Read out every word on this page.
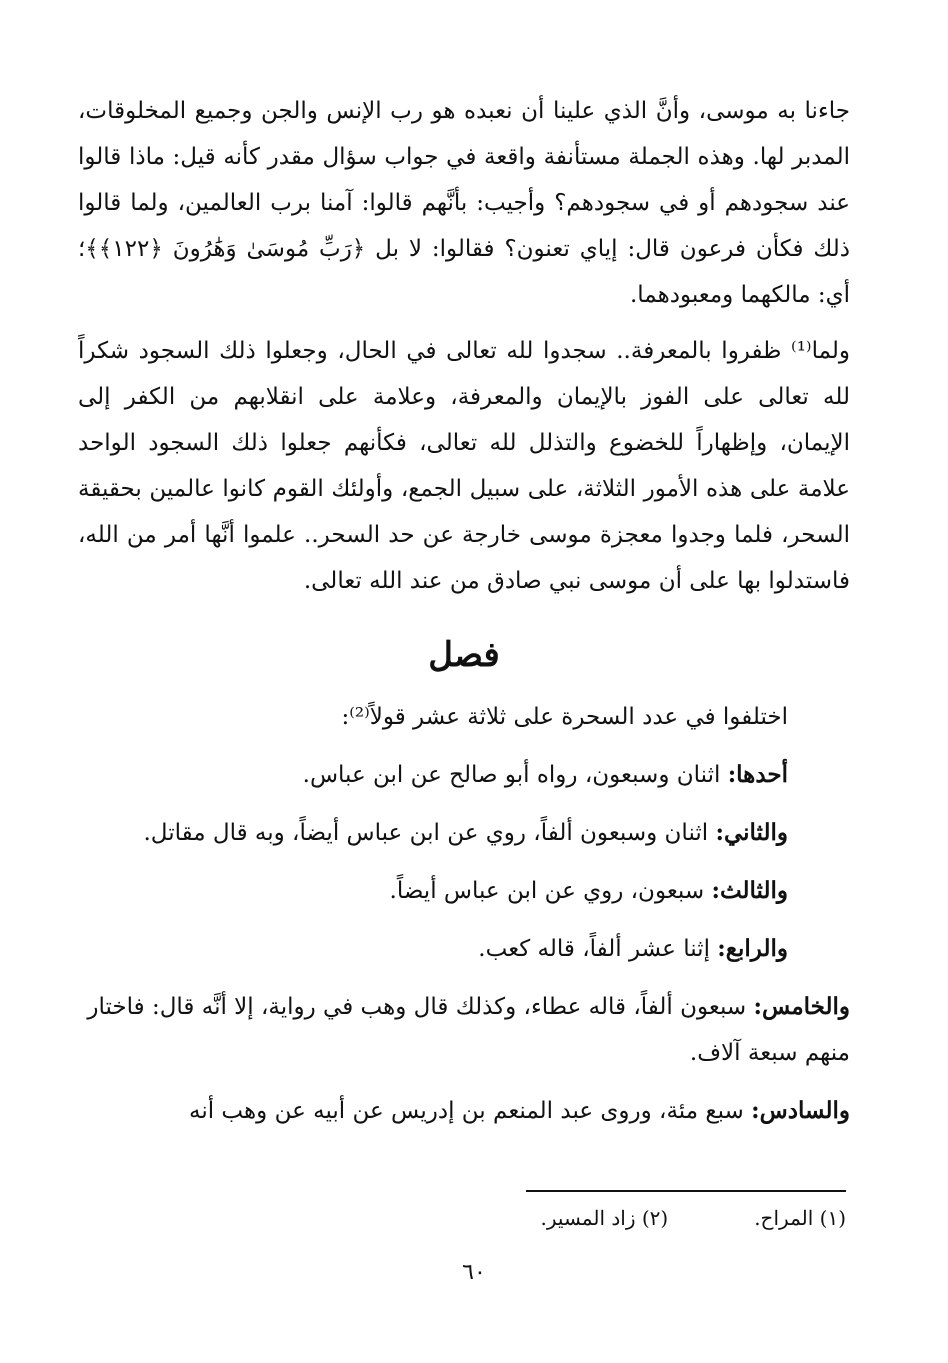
جاءنا به موسى، وأنَّ الذي علينا أن نعبده هو رب الإنس والجن وجميع المخلوقات، المدبر لها. وهذه الجملة مستأنفة واقعة في جواب سؤال مقدر كأنه قيل: ماذا قالوا عند سجودهم أو في سجودهم؟ وأجيب: بأنَّهم قالوا: آمنا برب العالمين، ولما قالوا ذلك فكأن فرعون قال: إياي تعنون؟ فقالوا: لا بل ﴿رَبِّ مُوسَىٰ وَهَٰرُونَ ﴿١٢٢﴾﴾؛ أي: مالكهما ومعبودهما.

ولما⁽¹⁾ ظفروا بالمعرفة.. سجدوا لله تعالى في الحال، وجعلوا ذلك السجود شكراً لله تعالى على الفوز بالإيمان والمعرفة، وعلامة على انقلابهم من الكفر إلى الإيمان، وإظهاراً للخضوع والتذلل لله تعالى، فكأنهم جعلوا ذلك السجود الواحد علامة على هذه الأمور الثلاثة، على سبيل الجمع، وأولئك القوم كانوا عالمين بحقيقة السحر، فلما وجدوا معجزة موسى خارجة عن حد السحر.. علموا أنَّها أمر من الله، فاستدلوا بها على أن موسى نبي صادق من عند الله تعالى.

فصل

اختلفوا في عدد السحرة على ثلاثة عشر قولاً⁽²⁾:

أحدها: اثنان وسبعون، رواه أبو صالح عن ابن عباس.

والثاني: اثنان وسبعون ألفاً، روي عن ابن عباس أيضاً، وبه قال مقاتل.

والثالث: سبعون، روي عن ابن عباس أيضاً.

والرابع: إثنا عشر ألفاً، قاله كعب.

والخامس: سبعون ألفاً، قاله عطاء، وكذلك قال وهب في رواية، إلا أنَّه قال: فاختار منهم سبعة آلاف.

والسادس: سبع مئة، وروى عبد المنعم بن إدريس عن أبيه عن وهب أنه

(١) المراح.
(٢) زاد المسير.
٦٠
